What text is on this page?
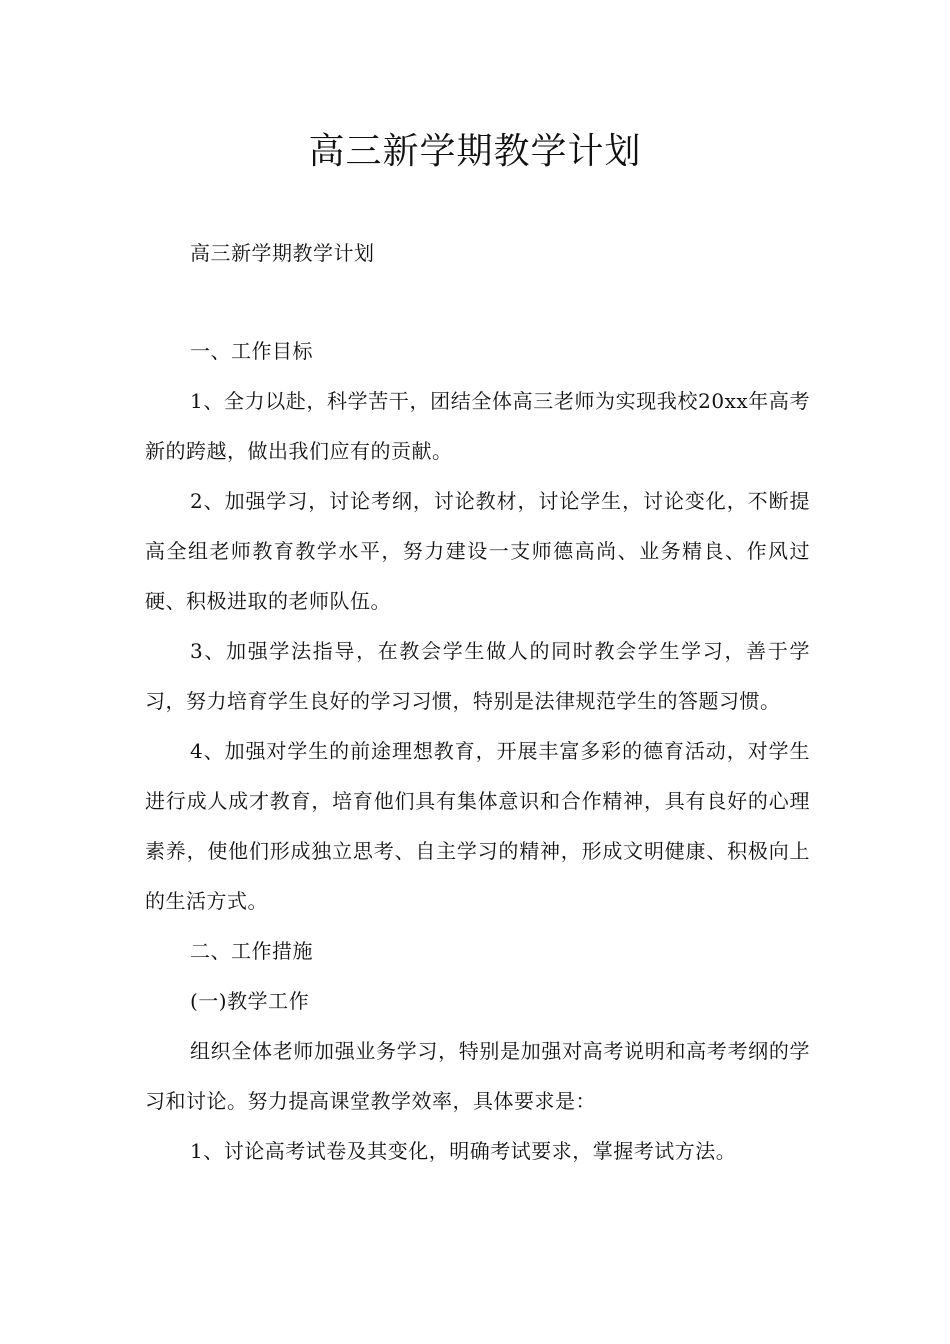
高三新学期教学计划

高三新学期教学计划

一、工作目标

1、全力以赴，科学苦干，团结全体高三老师为实现我校20xx年高考新的跨越，做出我们应有的贡献。

2、加强学习，讨论考纲，讨论教材，讨论学生，讨论变化，不断提高全组老师教育教学水平，努力建设一支师德高尚、业务精良、作风过硬、积极进取的老师队伍。

3、加强学法指导，在教会学生做人的同时教会学生学习，善于学习，努力培育学生良好的学习习惯，特别是法律规范学生的答题习惯。

4、加强对学生的前途理想教育，开展丰富多彩的德育活动，对学生进行成人成才教育，培育他们具有集体意识和合作精神，具有良好的心理素养，使他们形成独立思考、自主学习的精神，形成文明健康、积极向上的生活方式。

二、工作措施

(一)教学工作

组织全体老师加强业务学习，特别是加强对高考说明和高考考纲的学习和讨论。努力提高课堂教学效率，具体要求是：

1、讨论高考试卷及其变化，明确考试要求，掌握考试方法。
